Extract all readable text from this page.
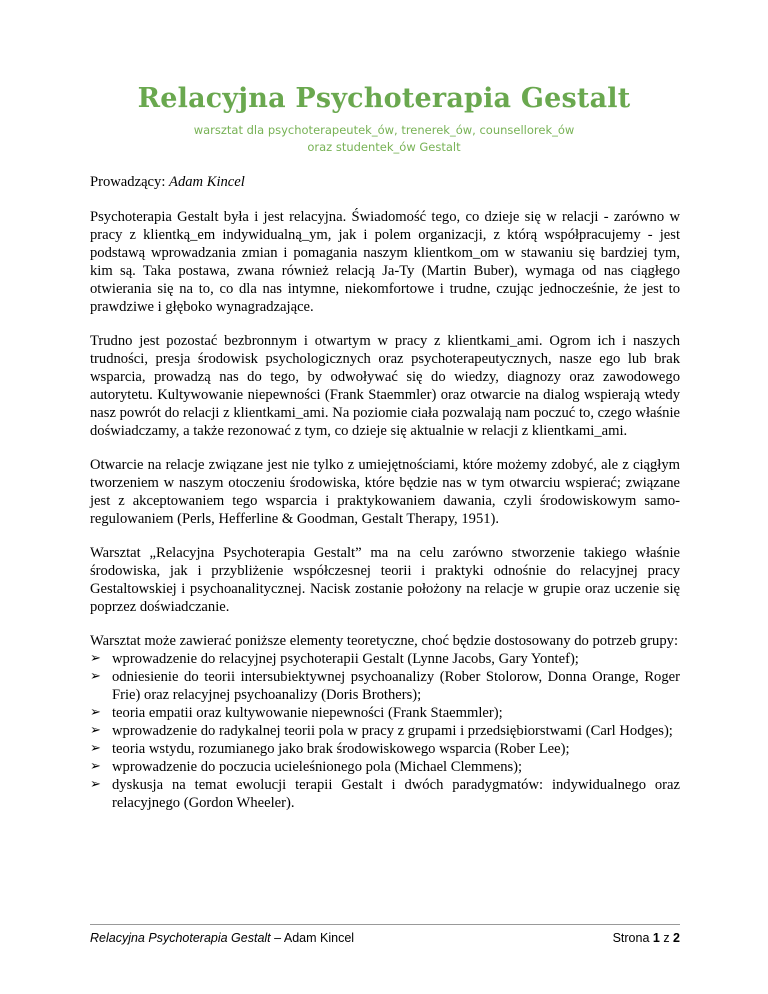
Relacyjna Psychoterapia Gestalt
warsztat dla psychoterapeutek_ów, trenerek_ów, counsellorek_ów
oraz studentek_ów Gestalt

Prowadzący: Adam Kincel

Psychoterapia Gestalt była i jest relacyjna. Świadomość tego, co dzieje się w relacji - zarówno w pracy z klientką_em indywidualną_ym, jak i polem organizacji, z którą współpracujemy - jest podstawą wprowadzania zmian i pomagania naszym klientkom_om w stawaniu się bardziej tym, kim są. Taka postawa, zwana również relacją Ja-Ty (Martin Buber), wymaga od nas ciągłego otwierania się na to, co dla nas intymne, niekomfortowe i trudne, czując jednocześnie, że jest to prawdziwe i głęboko wynagradzające.

Trudno jest pozostać bezbronnym i otwartym w pracy z klientkami_ami. Ogrom ich i naszych trudności, presja środowisk psychologicznych oraz psychoterapeutycznych, nasze ego lub brak wsparcia, prowadzą nas do tego, by odwoływać się do wiedzy, diagnozy oraz zawodowego autorytetu. Kultywowanie niepewności (Frank Staemmler) oraz otwarcie na dialog wspierają wtedy nasz powrót do relacji z klientkami_ami. Na poziomie ciała pozwalają nam poczuć to, czego właśnie doświadczamy, a także rezonować z tym, co dzieje się aktualnie w relacji z klientkami_ami.

Otwarcie na relacje związane jest nie tylko z umiejętnościami, które możemy zdobyć, ale z ciągłym tworzeniem w naszym otoczeniu środowiska, które będzie nas w tym otwarciu wspierać; związane jest z akceptowaniem tego wsparcia i praktykowaniem dawania, czyli środowiskowym samo-regulowaniem (Perls, Hefferline & Goodman, Gestalt Therapy, 1951).

Warsztat „Relacyjna Psychoterapia Gestalt” ma na celu zarówno stworzenie takiego właśnie środowiska, jak i przybliżenie współczesnej teorii i praktyki odnośnie do relacyjnej pracy Gestaltowskiej i psychoanalitycznej. Nacisk zostanie położony na relacje w grupie oraz uczenie się poprzez doświadczanie.

Warsztat może zawierać poniższe elementy teoretyczne, choć będzie dostosowany do potrzeb grupy:

➢ wprowadzenie do relacyjnej psychoterapii Gestalt (Lynne Jacobs, Gary Yontef);
➢ odniesienie do teorii intersubiektywnej psychoanalizy (Rober Stolorow, Donna Orange, Roger Frie) oraz relacyjnej psychoanalizy (Doris Brothers);
➢ teoria empatii oraz kultywowanie niepewności (Frank Staemmler);
➢ wprowadzenie do radykalnej teorii pola w pracy z grupami i przedsiębiorstwami (Carl Hodges);
➢ teoria wstydu, rozumianego jako brak środowiskowego wsparcia (Rober Lee);
➢ wprowadzenie do poczucia ucieleśnionego pola (Michael Clemmens);
➢ dyskusja na temat ewolucji terapii Gestalt i dwóch paradygmatów: indywidualnego oraz relacyjnego (Gordon Wheeler).
Relacyjna Psychoterapia Gestalt – Adam Kincel	Strona 1 z 2
